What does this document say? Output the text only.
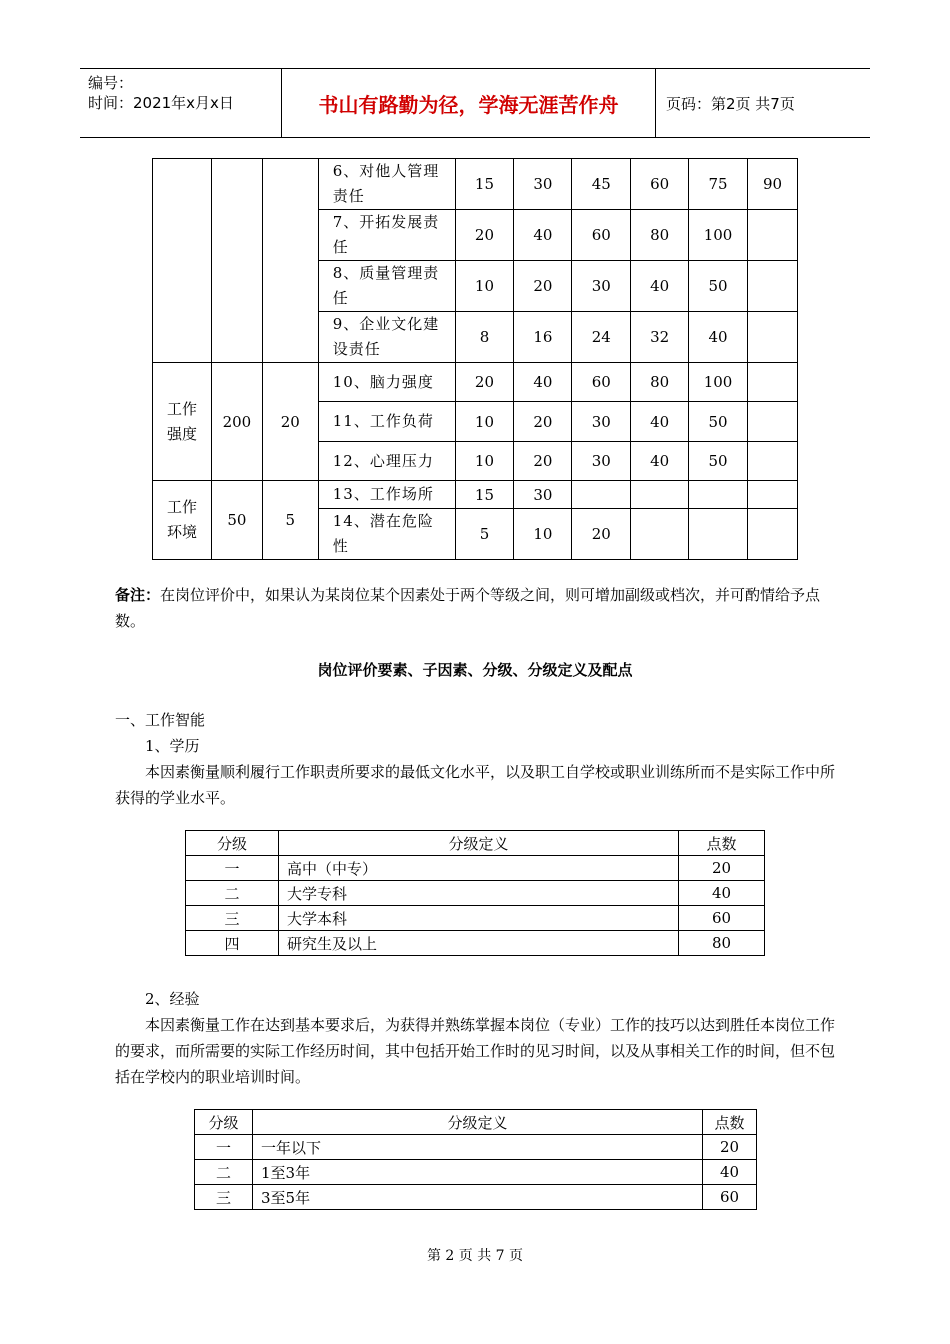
编号：
时间：2021年x月x日	书山有路勤为径，学海无涯苦作舟	页码：第2页 共7页
			6、对他人管理责任	15	30	45	60	75	90
			7、开拓发展责任	20	40	60	80	100	
			8、质量管理责任	10	20	30	40	50	
			9、企业文化建设责任	8	16	24	32	40	
工作强度	200	20	10、脑力强度	20	40	60	80	100	
			11、工作负荷	10	20	30	40	50	
			12、心理压力	10	20	30	40	50	
工作环境	50	5	13、工作场所	15	30				
			14、潜在危险性	5	10	20			
备注：在岗位评价中，如果认为某岗位某个因素处于两个等级之间，则可增加副级或档次，并可酌情给予点数。
岗位评价要素、子因素、分级、分级定义及配点
一、工作智能
1、学历
本因素衡量顺利履行工作职责所要求的最低文化水平，以及职工自学校或职业训练所而不是实际工作中所获得的学业水平。
分级	分级定义	点数
一	高中（中专）	20
二	大学专科	40
三	大学本科	60
四	研究生及以上	80
2、经验
本因素衡量工作在达到基本要求后，为获得并熟练掌握本岗位（专业）工作的技巧以达到胜任本岗位工作的要求，而所需要的实际工作经历时间，其中包括开始工作时的见习时间，以及从事相关工作的时间，但不包括在学校内的职业培训时间。
分级	分级定义	点数
一	一年以下	20
二	1至3年	40
三	3至5年	60
第 2 页 共 7 页
